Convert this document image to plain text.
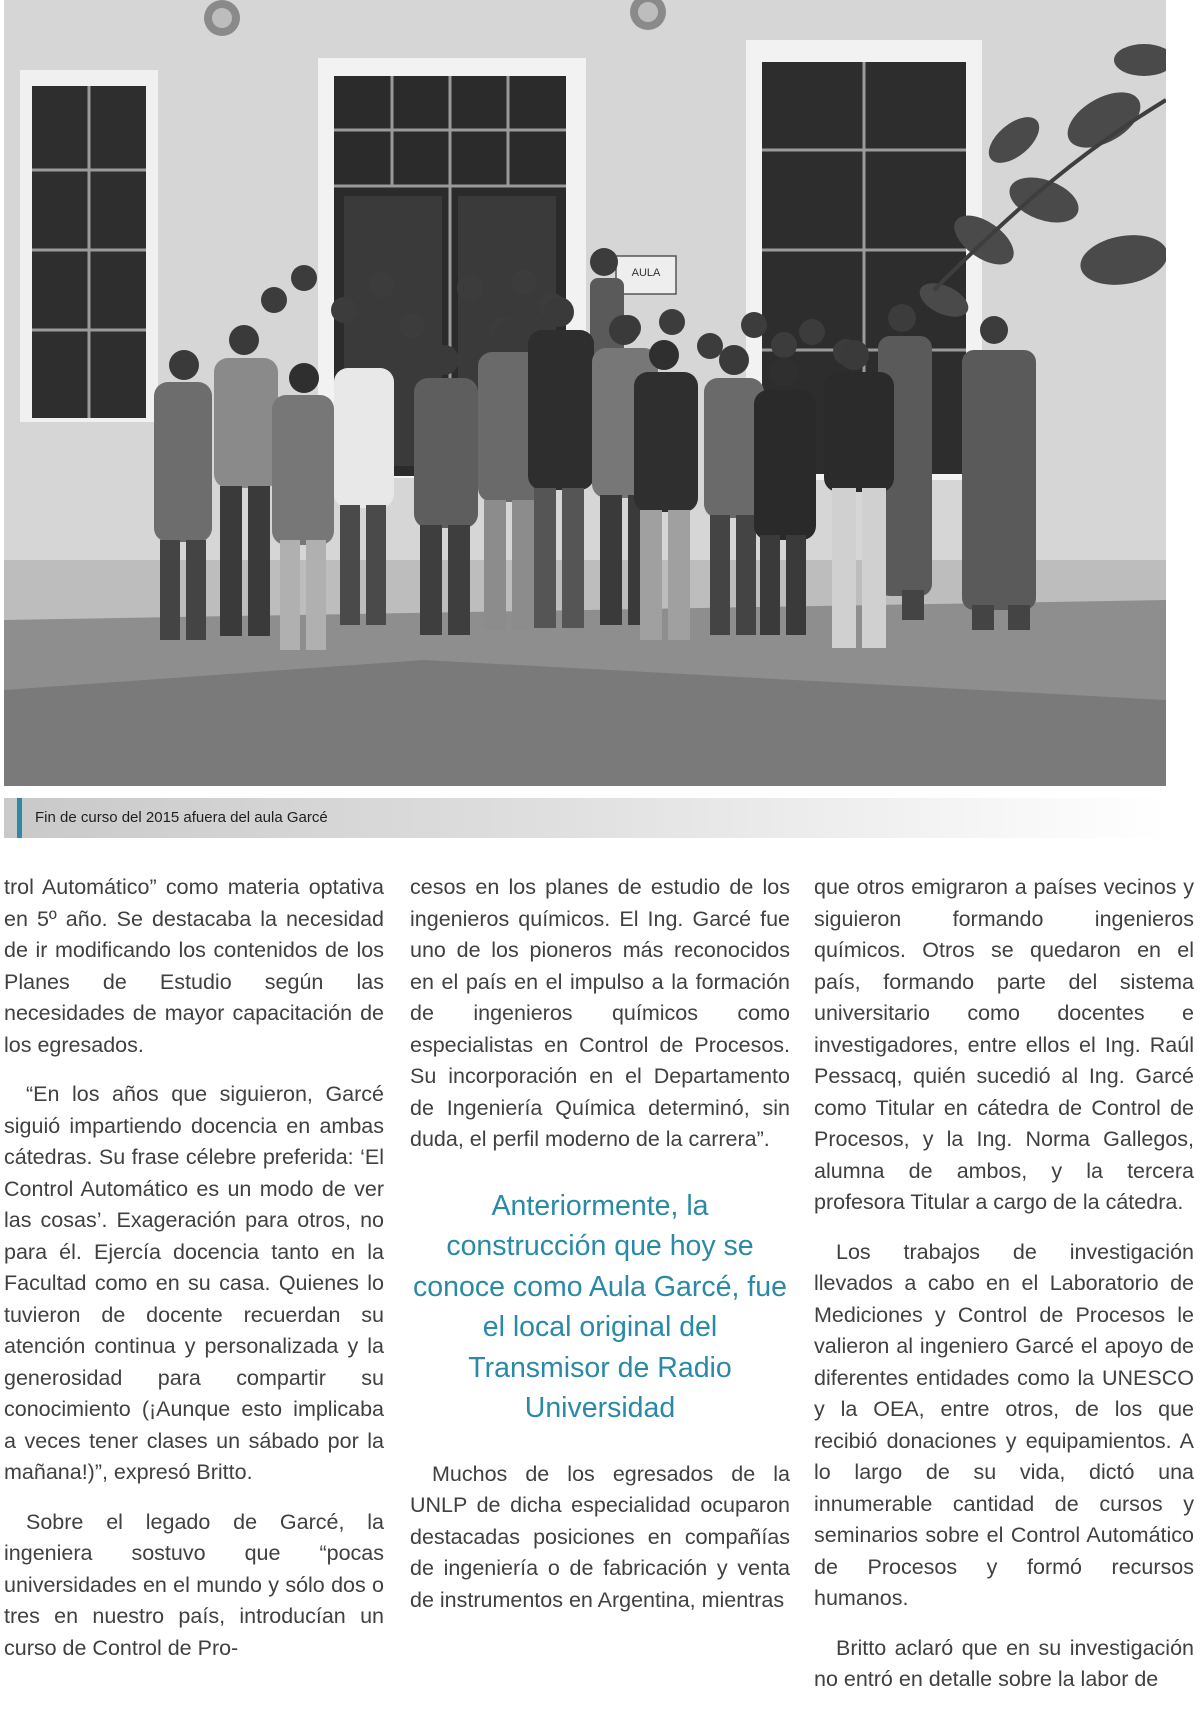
AULA
Fin de curso del 2015 afuera del aula Garcé

trol Automático” como materia optativa en 5º año. Se destacaba la necesidad de ir modificando los contenidos de los Planes de Estudio según las necesidades de mayor capacitación de los egresados.

“En los años que siguieron, Garcé siguió impartiendo docencia en ambas cátedras. Su frase célebre preferida: ‘El Control Automático es un modo de ver las cosas’. Exageración para otros, no para él. Ejercía docencia tanto en la Facultad como en su casa. Quienes lo tuvieron de docente recuerdan su atención continua y personalizada y la generosidad para compartir su conocimiento (¡Aunque esto implicaba a veces tener clases un sábado por la mañana!)”, expresó Britto.

Sobre el legado de Garcé, la ingeniera sostuvo que “pocas universidades en el mundo y sólo dos o tres en nuestro país, introducían un curso de Control de Pro-

cesos en los planes de estudio de los ingenieros químicos. El Ing. Garcé fue uno de los pioneros más reconocidos en el país en el impulso a la formación de ingenieros químicos como especialistas en Control de Procesos. Su incorporación en el Departamento de Ingeniería Química determinó, sin duda, el perfil moderno de la carrera”.

Anteriormente, la construcción que hoy se conoce como Aula Garcé, fue el local original del Transmisor de Radio Universidad

Muchos de los egresados de la UNLP de dicha especialidad ocuparon destacadas posiciones en compañías de ingeniería o de fabricación y venta de instrumentos en Argentina, mientras

que otros emigraron a países vecinos y siguieron formando ingenieros químicos. Otros se quedaron en el país, formando parte del sistema universitario como docentes e investigadores, entre ellos el Ing. Raúl Pessacq, quién sucedió al Ing. Garcé como Titular en cátedra de Control de Procesos, y la Ing. Norma Gallegos, alumna de ambos, y la tercera profesora Titular a cargo de la cátedra.

Los trabajos de investigación llevados a cabo en el Laboratorio de Mediciones y Control de Procesos le valieron al ingeniero Garcé el apoyo de diferentes entidades como la UNESCO y la OEA, entre otros, de los que recibió donaciones y equipamientos. A lo largo de su vida, dictó una innumerable cantidad de cursos y seminarios sobre el Control Automático de Procesos y formó recursos humanos.

Britto aclaró que en su investigación no entró en detalle sobre la labor de
